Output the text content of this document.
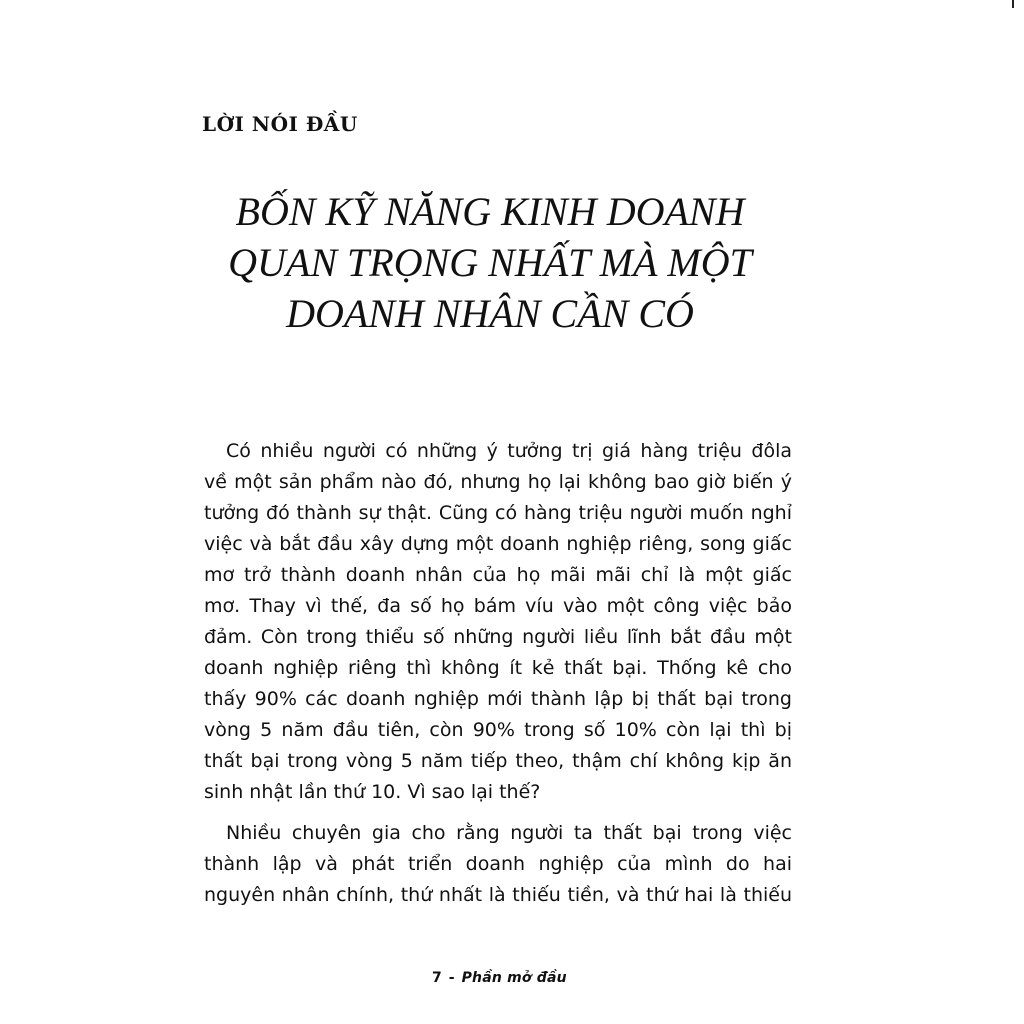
LỜI NÓI ĐẦU
BỐN KỸ NĂNG KINH DOANH
QUAN TRỌNG NHẤT MÀ MỘT
DOANH NHÂN CẦN CÓ
Có nhiều người có những ý tưởng trị giá hàng triệu đôla
về một sản phẩm nào đó, nhưng họ lại không bao giờ biến ý
tưởng đó thành sự thật. Cũng có hàng triệu người muốn nghỉ
việc và bắt đầu xây dựng một doanh nghiệp riêng, song giấc
mơ trở thành doanh nhân của họ mãi mãi chỉ là một giấc
mơ. Thay vì thế, đa số họ bám víu vào một công việc bảo
đảm. Còn trong thiểu số những người liều lĩnh bắt đầu một
doanh nghiệp riêng thì không ít kẻ thất bại. Thống kê cho
thấy 90% các doanh nghiệp mới thành lập bị thất bại trong
vòng 5 năm đầu tiên, còn 90% trong số 10% còn lại thì bị
thất bại trong vòng 5 năm tiếp theo, thậm chí không kịp ăn
sinh nhật lần thứ 10. Vì sao lại thế?
Nhiều chuyên gia cho rằng người ta thất bại trong việc
thành lập và phát triển doanh nghiệp của mình do hai
nguyên nhân chính, thứ nhất là thiếu tiền, và thứ hai là thiếu
7 - Phần mở đầu
